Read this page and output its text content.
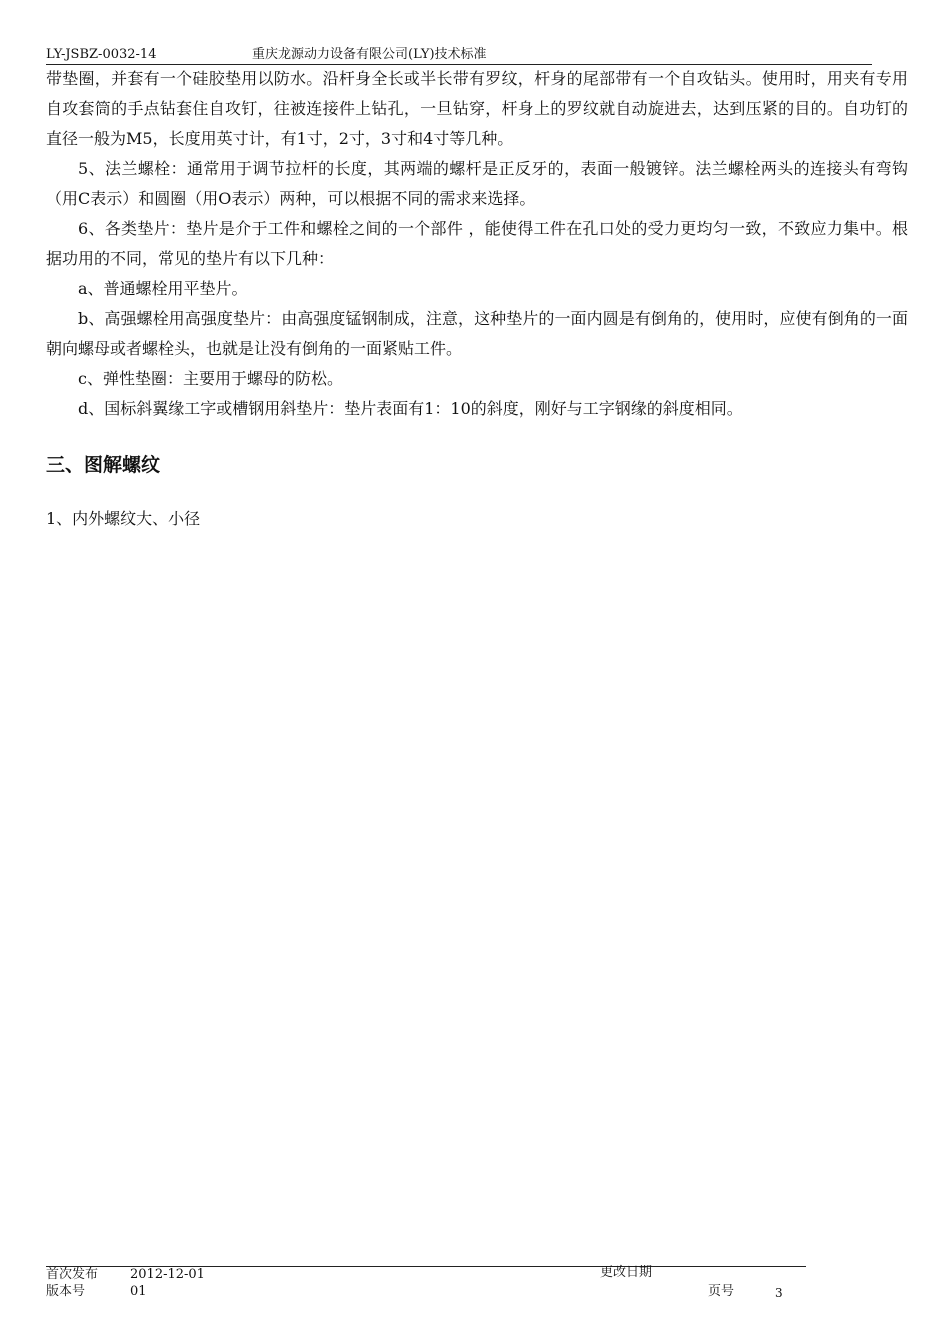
LY-JSBZ-0032-14	重庆龙源动力设备有限公司(LY)技术标准

带垫圈，并套有一个硅胶垫用以防水。沿杆身全长或半长带有罗纹，杆身的尾部带有一个自攻钻头。使用时，用夹有专用自攻套筒的手点钻套住自攻钉，往被连接件上钻孔，一旦钻穿，杆身上的罗纹就自动旋进去，达到压紧的目的。自功钉的直径一般为M5，长度用英寸计，有1寸，2寸，3寸和4寸等几种。

5、法兰螺栓：通常用于调节拉杆的长度，其两端的螺杆是正反牙的，表面一般镀锌。法兰螺栓两头的连接头有弯钩（用C表示）和圆圈（用O表示）两种，可以根据不同的需求来选择。

6、各类垫片：垫片是介于工件和螺栓之间的一个部件 ，能使得工件在孔口处的受力更均匀一致，不致应力集中。根据功用的不同，常见的垫片有以下几种：

a、普通螺栓用平垫片。

b、高强螺栓用高强度垫片：由高强度锰钢制成，注意，这种垫片的一面内圆是有倒角的，使用时，应使有倒角的一面朝向螺母或者螺栓头，也就是让没有倒角的一面紧贴工件。

c、弹性垫圈：主要用于螺母的防松。

d、国标斜翼缘工字或槽钢用斜垫片：垫片表面有1：10的斜度，刚好与工字钢缘的斜度相同。

三、图解螺纹

1、内外螺纹大、小径

首次发布 2012-12-01	更改日期
版本号	01	页号	3
